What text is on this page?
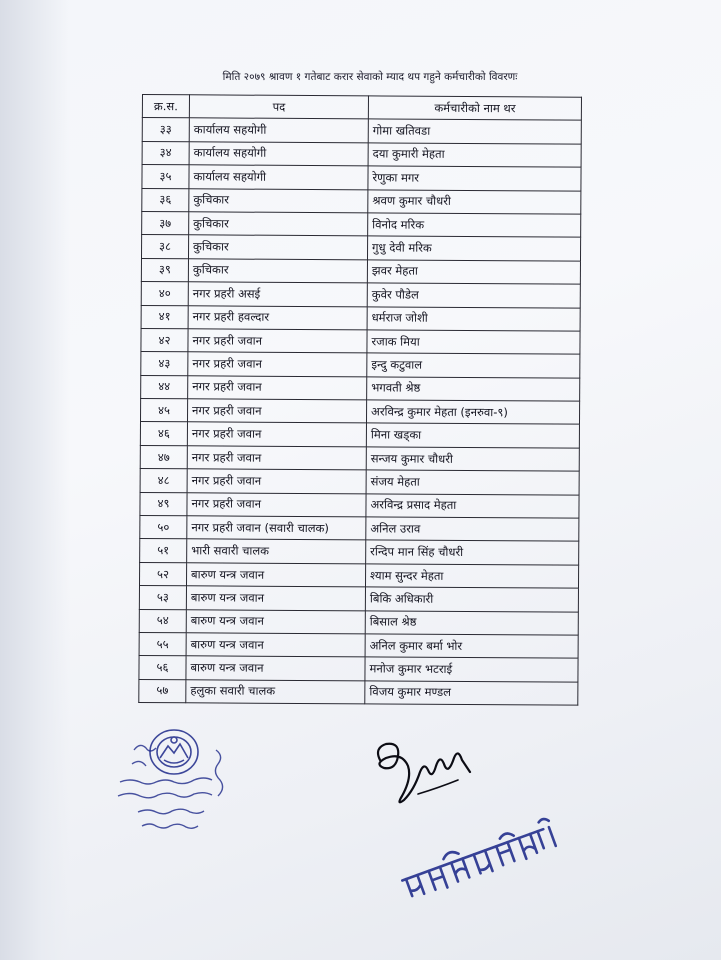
मिति २०७९ श्रावण १ गतेबाट करार सेवाको म्याद थप गहुने कर्मचारीको विवरणः
क्र.स.	पद	कर्मचारीको नाम थर
३३	कार्यालय सहयोगी	गोमा खतिवडा
३४	कार्यालय सहयोगी	दया कुमारी मेहता
३५	कार्यालय सहयोगी	रेणुका मगर
३६	कुचिकार	श्रवण कुमार चौधरी
३७	कुचिकार	विनोद मरिक
३८	कुचिकार	गुधु देवी मरिक
३९	कुचिकार	झवर मेहता
४०	नगर प्रहरी असई	कुवेर पौडेल
४१	नगर प्रहरी हवल्दार	धर्मराज जोशी
४२	नगर प्रहरी जवान	रजाक मिया
४३	नगर प्रहरी जवान	इन्दु कटुवाल
४४	नगर प्रहरी जवान	भगवती श्रेष्ठ
४५	नगर प्रहरी जवान	अरविन्द्र कुमार मेहता (इनरुवा-९)
४६	नगर प्रहरी जवान	मिना खड्का
४७	नगर प्रहरी जवान	सन्जय कुमार चौधरी
४८	नगर प्रहरी जवान	संजय मेहता
४९	नगर प्रहरी जवान	अरविन्द्र प्रसाद मेहता
५०	नगर प्रहरी जवान (सवारी चालक)	अनिल उराव
५१	भारी सवारी चालक	रन्दिप मान सिंह चौधरी
५२	बारुण यन्त्र जवान	श्याम सुन्दर मेहता
५३	बारुण यन्त्र जवान	बिकि अधिकारी
५४	बारुण यन्त्र जवान	बिसाल श्रेष्ठ
५५	बारुण यन्त्र जवान	अनिल कुमार बर्मा भोर
५६	बारुण यन्त्र जवान	मनोज कुमार भटराई
५७	हलुका सवारी चालक	विजय कुमार मण्डल
